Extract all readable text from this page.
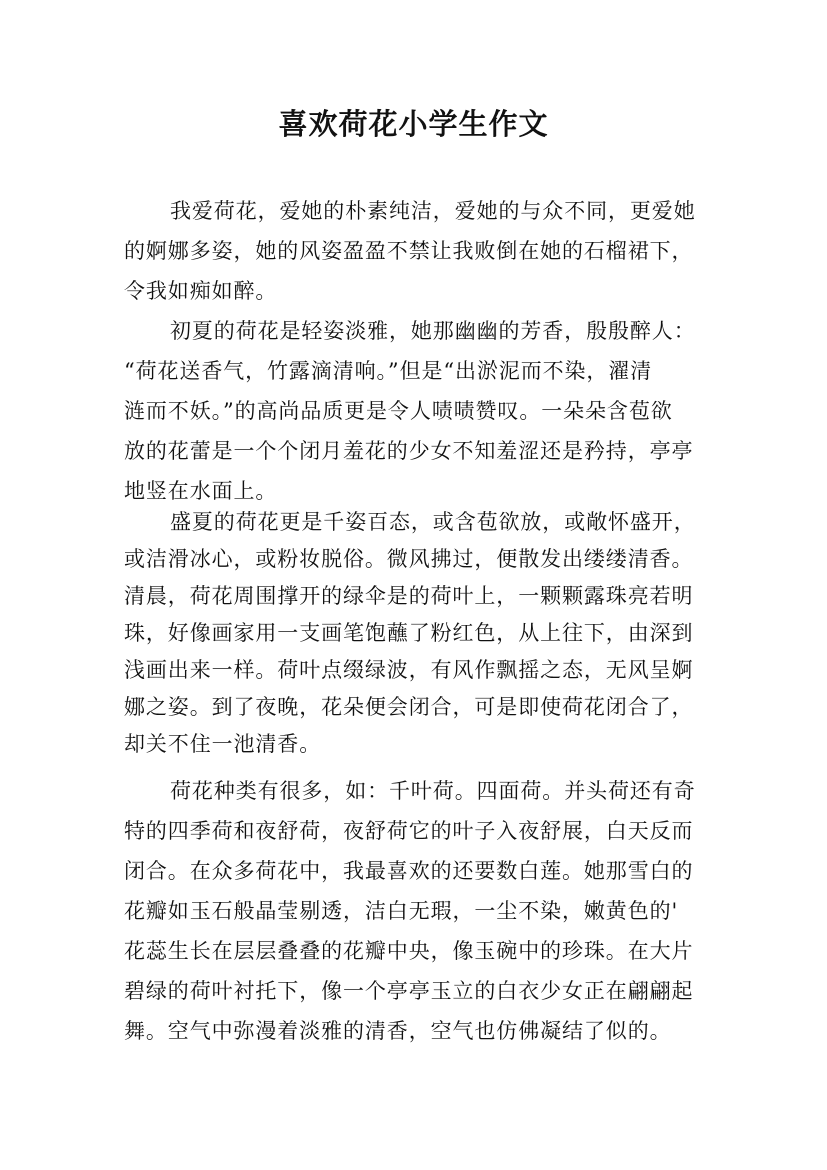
喜欢荷花小学生作文
我爱荷花，爱她的朴素纯洁，爱她的与众不同，更爱她
的婀娜多姿，她的风姿盈盈不禁让我败倒在她的石榴裙下，
令我如痴如醉。
初夏的荷花是轻姿淡雅，她那幽幽的芳香，殷殷醉人：
“荷花送香气，竹露滴清响。”但是“出淤泥而不染，濯清
涟而不妖。”的高尚品质更是令人啧啧赞叹。一朵朵含苞欲
放的花蕾是一个个闭月羞花的少女不知羞涩还是矜持，亭亭
地竖在水面上。
盛夏的荷花更是千姿百态，或含苞欲放，或敞怀盛开，
或洁滑冰心，或粉妆脱俗。微风拂过，便散发出缕缕清香。
清晨，荷花周围撑开的绿伞是的荷叶上，一颗颗露珠亮若明
珠，好像画家用一支画笔饱蘸了粉红色，从上往下，由深到
浅画出来一样。荷叶点缀绿波，有风作飘摇之态，无风呈婀
娜之姿。到了夜晚，花朵便会闭合，可是即使荷花闭合了，
却关不住一池清香。
荷花种类有很多，如：千叶荷。四面荷。并头荷还有奇
特的四季荷和夜舒荷，夜舒荷它的叶子入夜舒展，白天反而
闭合。在众多荷花中，我最喜欢的还要数白莲。她那雪白的
花瓣如玉石般晶莹剔透，洁白无瑕，一尘不染，嫩黄色的'
花蕊生长在层层叠叠的花瓣中央，像玉碗中的珍珠。在大片
碧绿的荷叶衬托下，像一个亭亭玉立的白衣少女正在翩翩起
舞。空气中弥漫着淡雅的清香，空气也仿佛凝结了似的。
